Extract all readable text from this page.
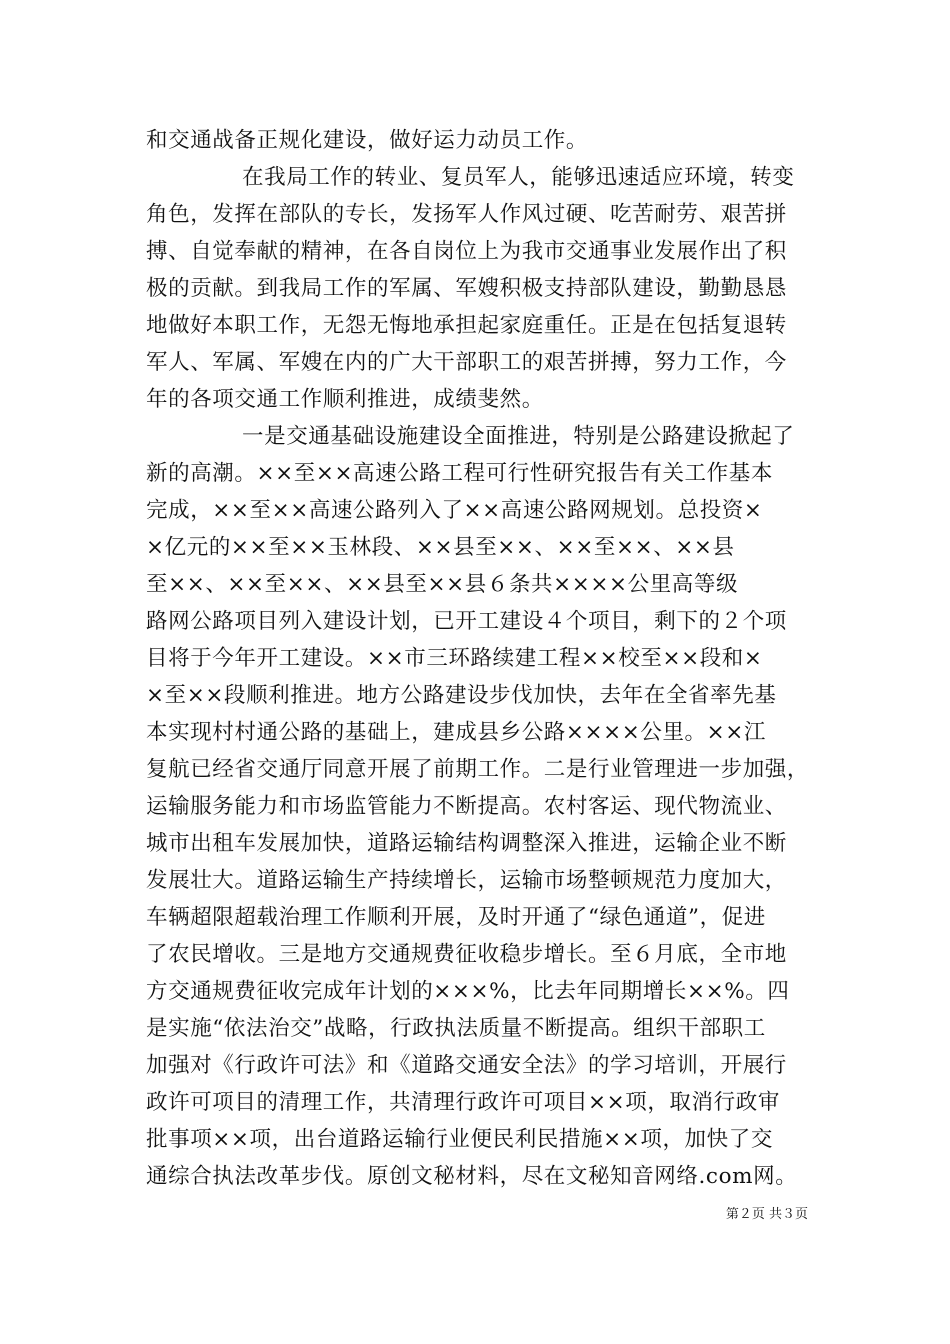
和交通战备正规化建设，做好运力动员工作。
在我局工作的转业、复员军人，能够迅速适应环境，转变
角色，发挥在部队的专长，发扬军人作风过硬、吃苦耐劳、艰苦拼
搏、自觉奉献的精神，在各自岗位上为我市交通事业发展作出了积
极的贡献。到我局工作的军属、军嫂积极支持部队建设，勤勤恳恳
地做好本职工作，无怨无悔地承担起家庭重任。正是在包括复退转
军人、军属、军嫂在内的广大干部职工的艰苦拼搏，努力工作，今
年的各项交通工作顺利推进，成绩斐然。
一是交通基础设施建设全面推进，特别是公路建设掀起了
新的高潮。××至××高速公路工程可行性研究报告有关工作基本
完成，××至××高速公路列入了××高速公路网规划。总投资×
×亿元的××至××玉林段、××县至××、××至××、××县
至××、××至××、××县至××县６条共××××公里高等级
路网公路项目列入建设计划，已开工建设４个项目，剩下的２个项
目将于今年开工建设。××市三环路续建工程××校至××段和×
×至××段顺利推进。地方公路建设步伐加快，去年在全省率先基
本实现村村通公路的基础上，建成县乡公路××××公里。××江
复航已经省交通厅同意开展了前期工作。二是行业管理进一步加强，
运输服务能力和市场监管能力不断提高。农村客运、现代物流业、
城市出租车发展加快，道路运输结构调整深入推进，运输企业不断
发展壮大。道路运输生产持续增长，运输市场整顿规范力度加大，
车辆超限超载治理工作顺利开展，及时开通了“绿色通道”，促进
了农民增收。三是地方交通规费征收稳步增长。至６月底，全市地
方交通规费征收完成年计划的×××%，比去年同期增长××%。四
是实施“依法治交”战略，行政执法质量不断提高。组织干部职工
加强对《行政许可法》和《道路交通安全法》的学习培训，开展行
政许可项目的清理工作，共清理行政许可项目××项，取消行政审
批事项××项，出台道路运输行业便民利民措施××项，加快了交
通综合执法改革步伐。原创文秘材料，尽在文秘知音网络.com网。
第２页 共３页
